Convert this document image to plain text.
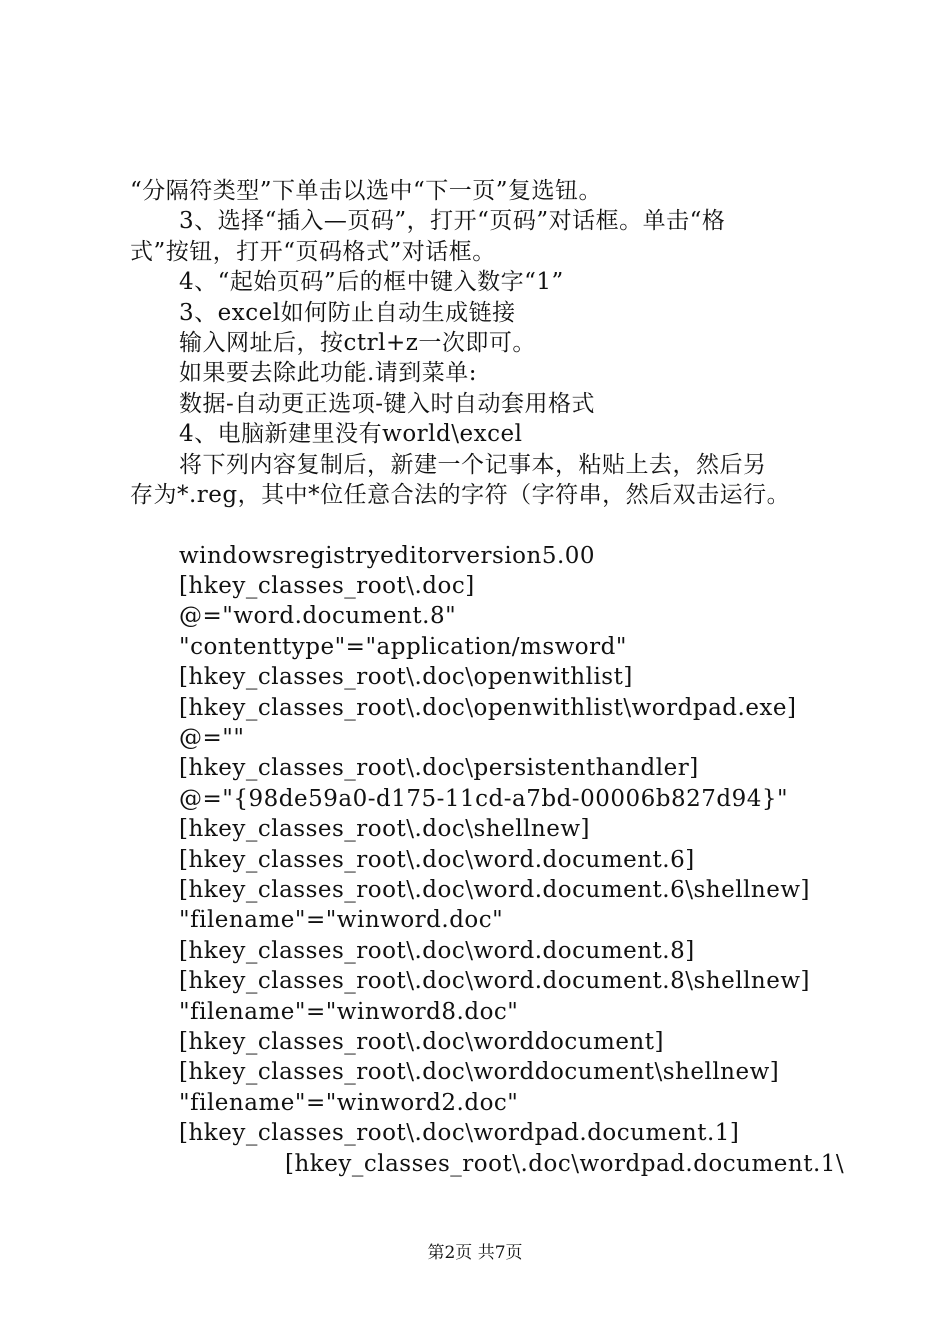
“分隔符类型”下单击以选中“下一页”复选钮。
3、选择“插入—页码”，打开“页码”对话框。单击“格
式”按钮，打开“页码格式”对话框。
4、“起始页码”后的框中键入数字“1”
3、excel如何防止自动生成链接
输入网址后，按ctrl+z一次即可。
如果要去除此功能.请到菜单:
数据-自动更正选项-键入时自动套用格式
4、电脑新建里没有world\excel
将下列内容复制后，新建一个记事本，粘贴上去，然后另
存为*.reg，其中*位任意合法的字符（字符串，然后双击运行。
windowsregistryeditorversion5.00
[hkey_classes_root\.doc]
@="word.document.8"
"contenttype"="application/msword"
[hkey_classes_root\.doc\openwithlist]
[hkey_classes_root\.doc\openwithlist\wordpad.exe]
@=""
[hkey_classes_root\.doc\persistenthandler]
@="{98de59a0-d175-11cd-a7bd-00006b827d94}"
[hkey_classes_root\.doc\shellnew]
[hkey_classes_root\.doc\word.document.6]
[hkey_classes_root\.doc\word.document.6\shellnew]
"filename"="winword.doc"
[hkey_classes_root\.doc\word.document.8]
[hkey_classes_root\.doc\word.document.8\shellnew]
"filename"="winword8.doc"
[hkey_classes_root\.doc\worddocument]
[hkey_classes_root\.doc\worddocument\shellnew]
"filename"="winword2.doc"
[hkey_classes_root\.doc\wordpad.document.1]
[hkey_classes_root\.doc\wordpad.document.1\
第2页 共7页
